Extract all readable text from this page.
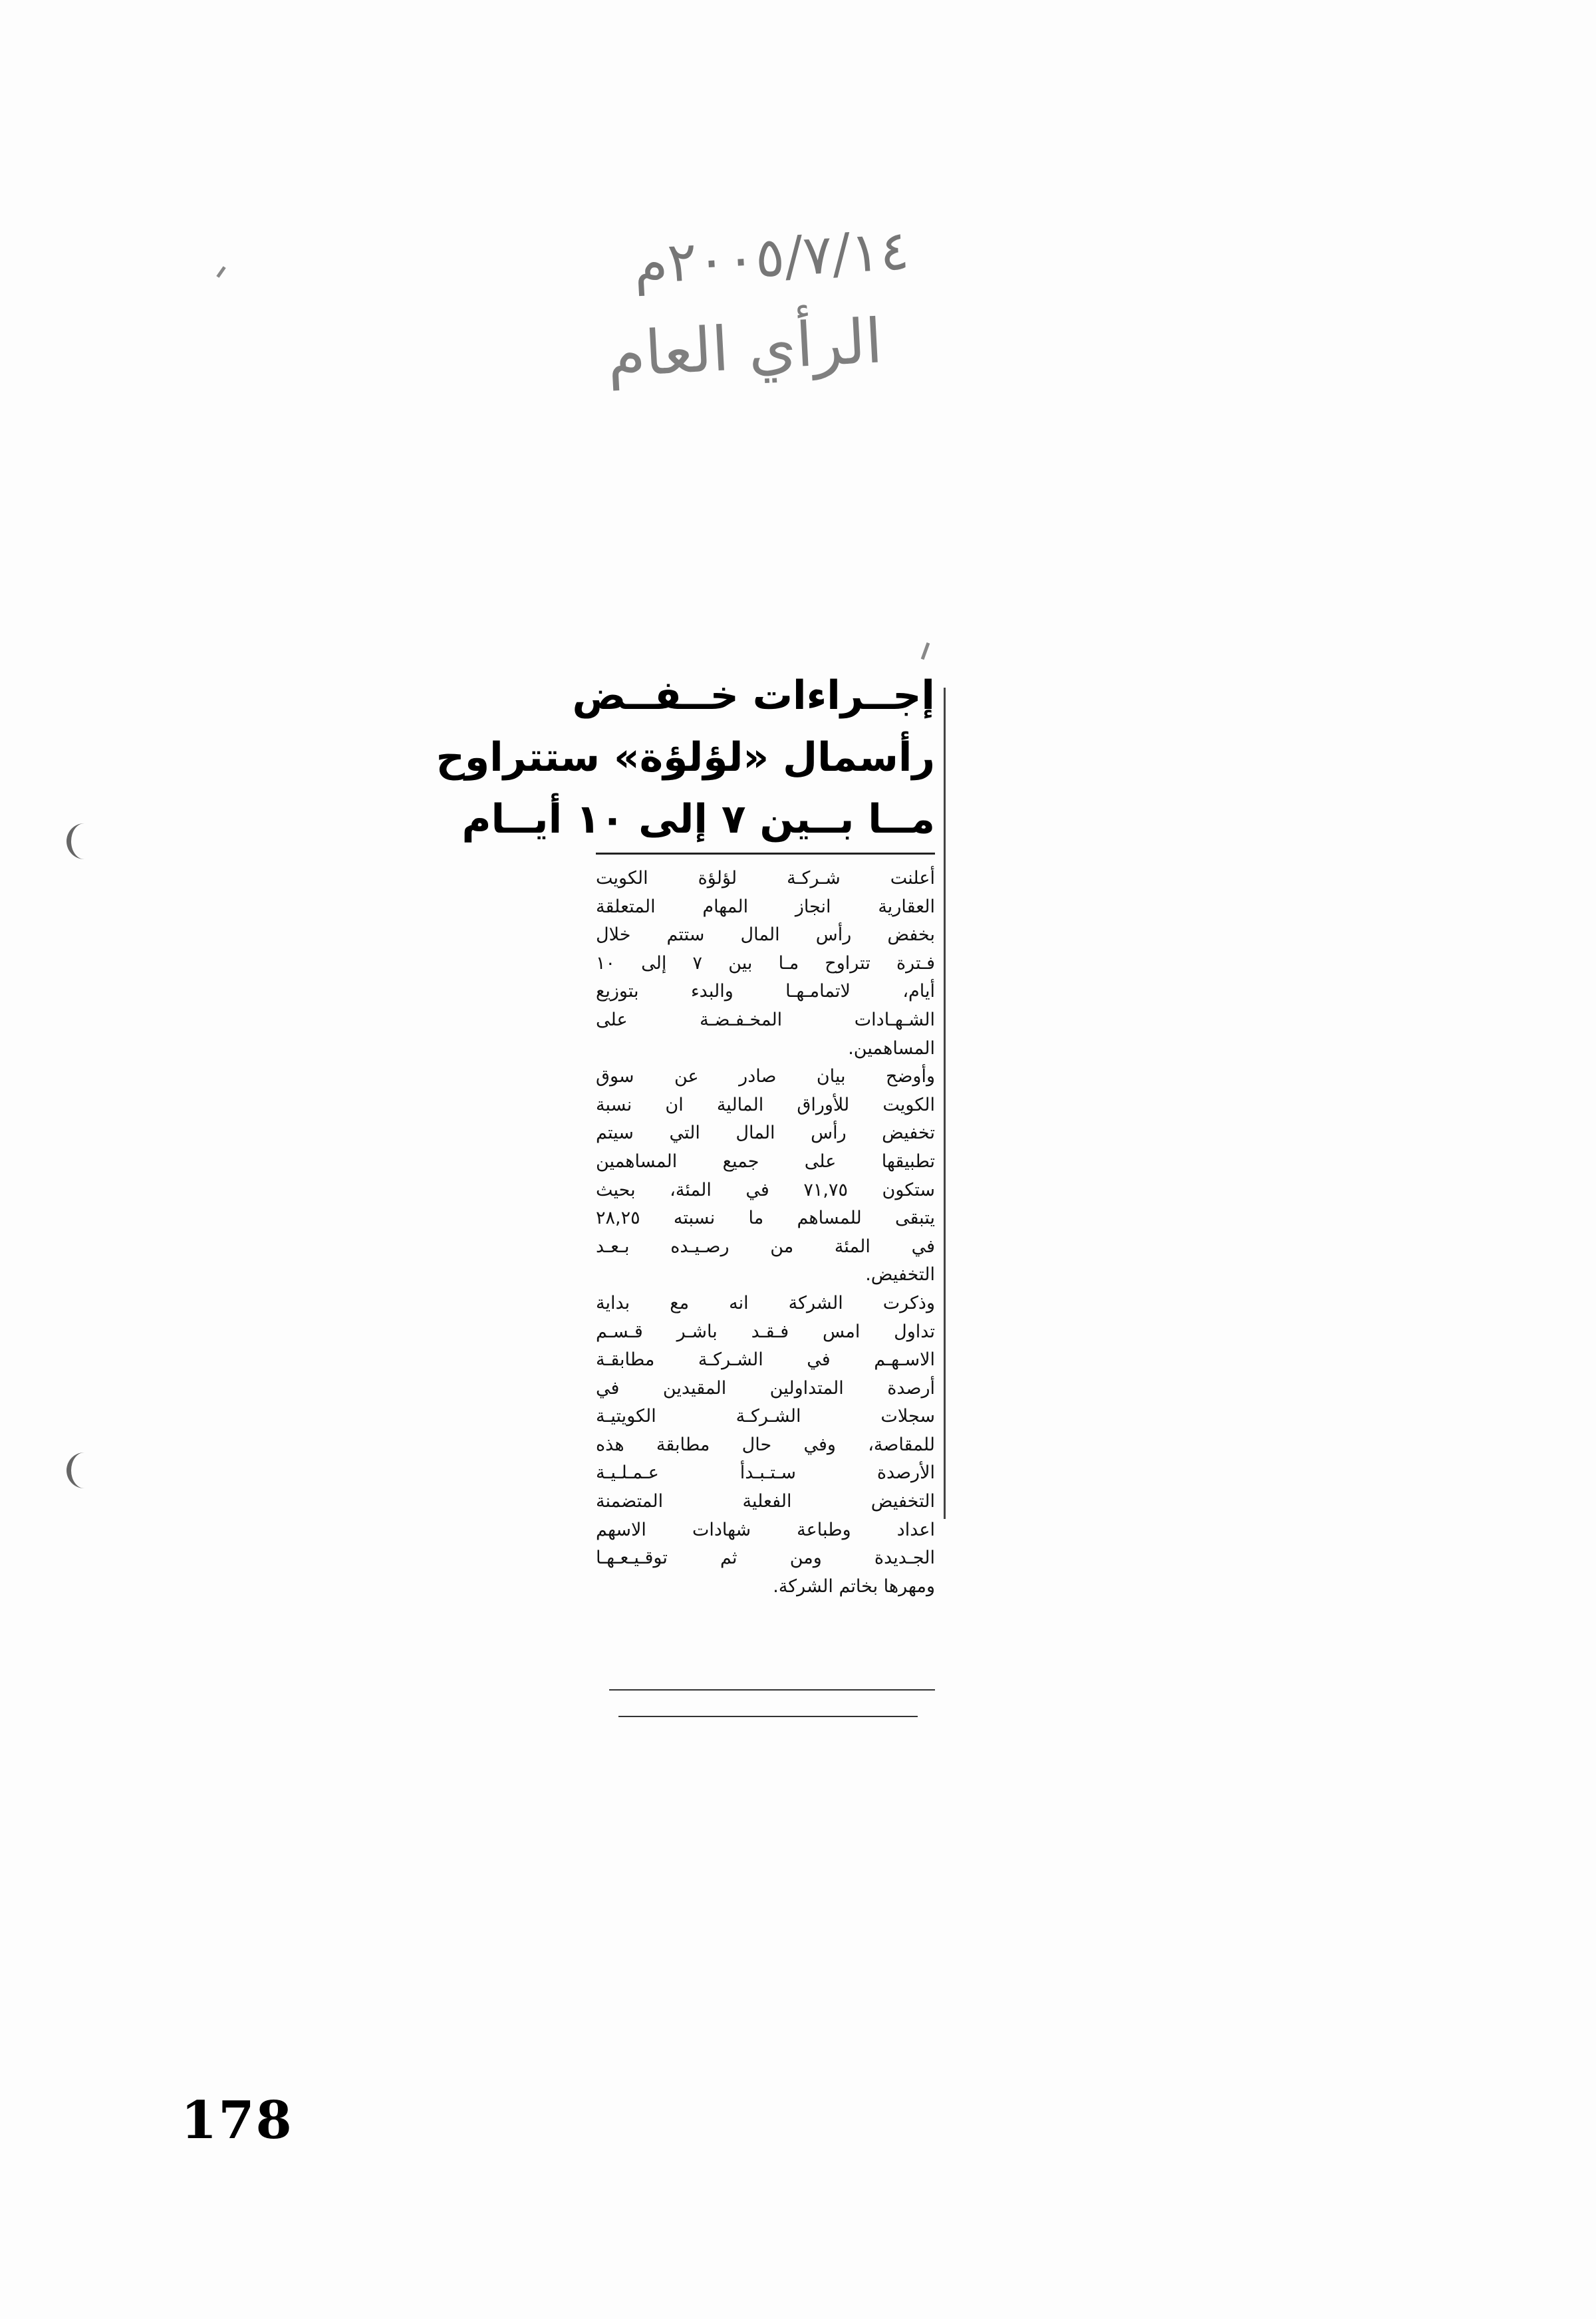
٢٠٠٥/٧/١٤م
الرأي العام
إجــراءات خــفــض
رأسمال «لؤلؤة» ستتراوح
مــا بــين ٧ إلى ١٠ أيــام
أعلنت شـركـة لؤلؤة الكويت
العقارية انجاز المهام المتعلقة
بخفض رأس المال ستتم خلال
فـترة تتراوح مـا بين ٧ إلى ١٠
أيام، لاتمامـهـا والبدء بتوزيع
الشـهـادات المخـفـضـة على
المساهمين.
وأوضح بيان صادر عن سوق
الكويت للأوراق المالية ان نسبة
تخفيض رأس المال التي سيتم
تطبيقها على جميع المساهمين
ستكون ٧١,٧٥ في المئة، بحيث
يتبقى للمساهم ما نسبته ٢٨,٢٥
في المئة من رصـيـده بـعـد
التخفيض.
وذكرت الشركة انه مع بداية
تداول امس فـقـد باشـر قـسـم
الاسـهـم في الشـركـة مطابقـة
أرصدة المتداولين المقيدين في
سجلات الشـركـة الكويتيـة
للمقاصة، وفي حال مطابقة هذه
الأرصدة سـتـبـدأ عـمـلـيـة
التخفيض الفعلية المتضمنة
اعداد وطباعة شهادات الاسهم
الجـديدة ومن ثم توقـيـعـهـا
ومهرها بخاتم الشركة.
178
